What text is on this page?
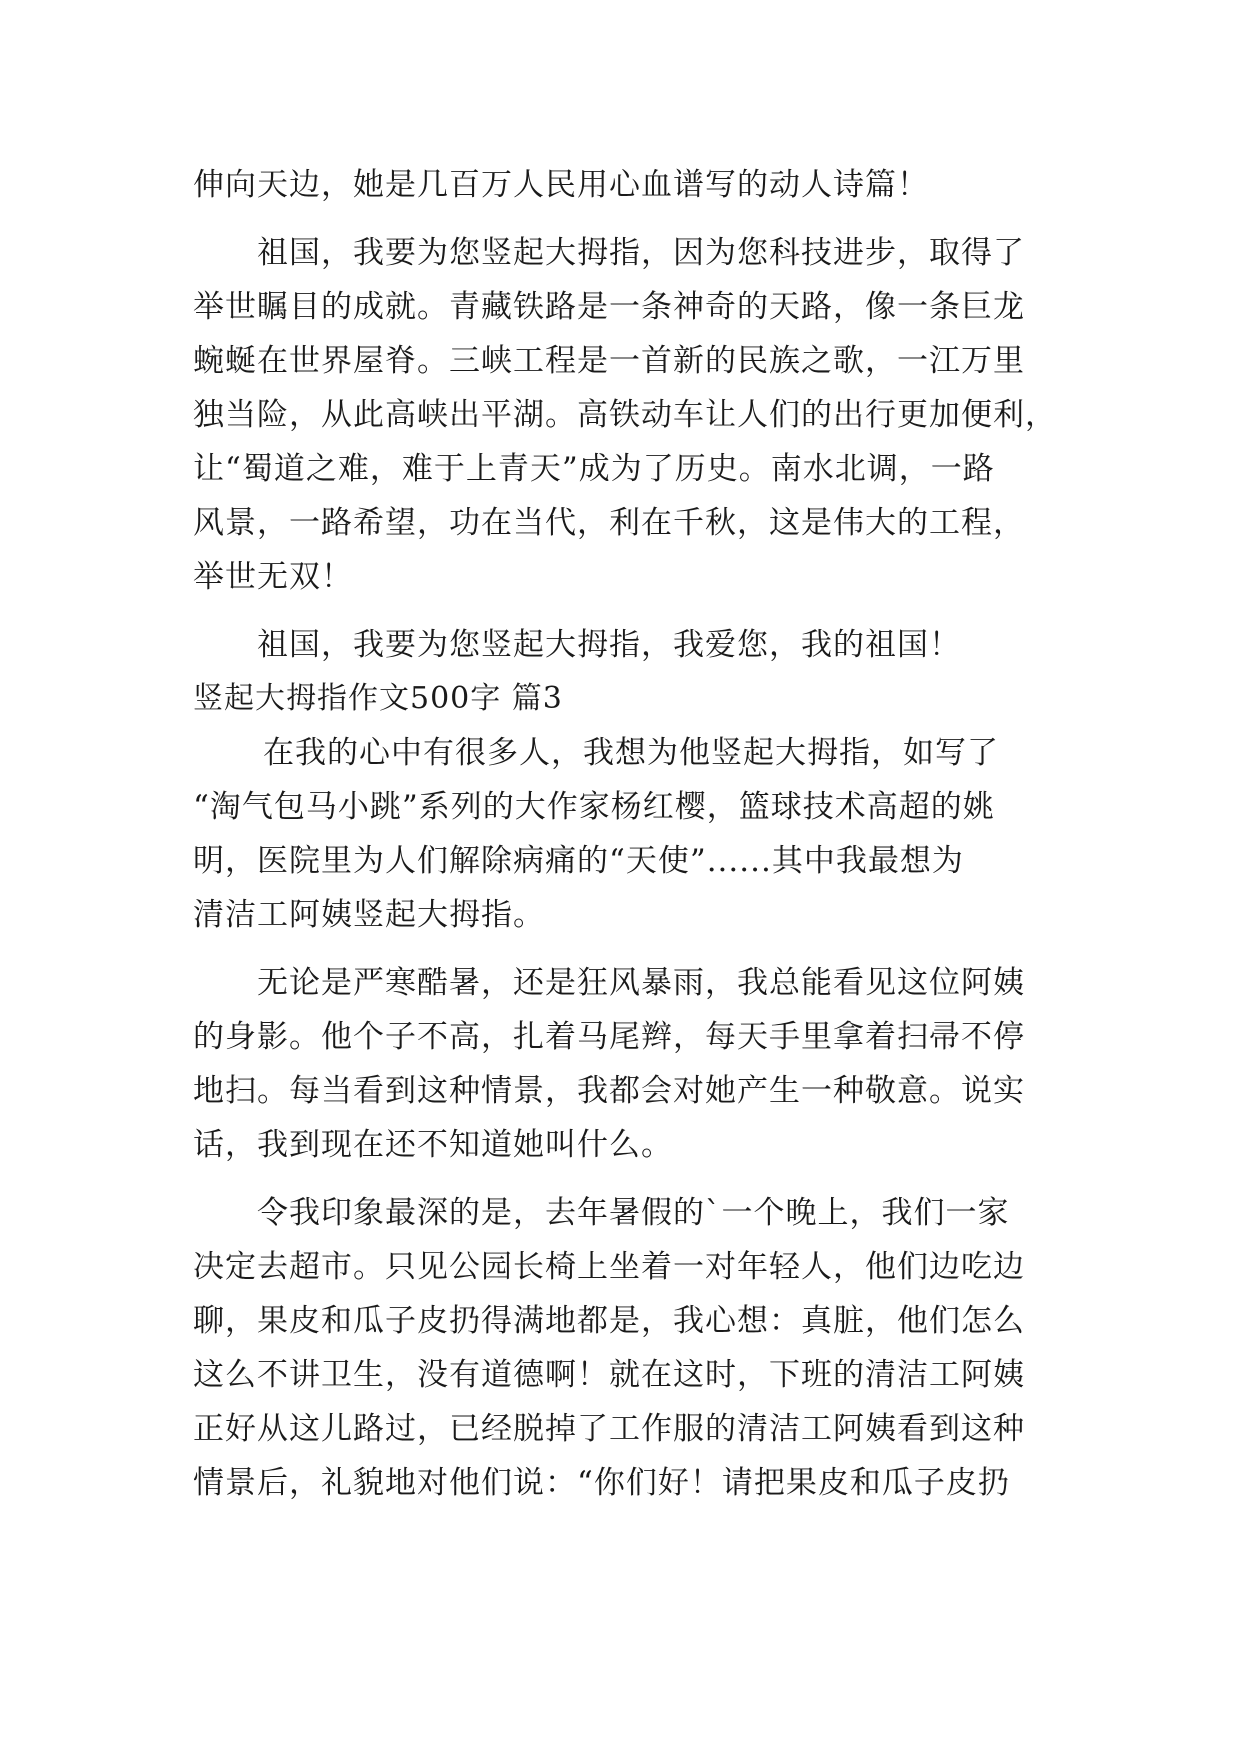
伸向天边，她是几百万人民用心血谱写的动人诗篇！

祖国，我要为您竖起大拇指，因为您科技进步，取得了

举世瞩目的成就。青藏铁路是一条神奇的天路，像一条巨龙

蜿蜒在世界屋脊。三峡工程是一首新的民族之歌，一江万里

独当险，从此高峡出平湖。高铁动车让人们的出行更加便利，

让“蜀道之难，难于上青天”成为了历史。南水北调，一路

风景，一路希望，功在当代，利在千秋，这是伟大的工程，

举世无双！

祖国，我要为您竖起大拇指，我爱您，我的祖国！

竖起大拇指作文500字 篇3

在我的心中有很多人，我想为他竖起大拇指，如写了

“淘气包马小跳”系列的大作家杨红樱，篮球技术高超的姚

明，医院里为人们解除病痛的“天使”......其中我最想为

清洁工阿姨竖起大拇指。

无论是严寒酷暑，还是狂风暴雨，我总能看见这位阿姨

的身影。他个子不高，扎着马尾辫，每天手里拿着扫帚不停

地扫。每当看到这种情景，我都会对她产生一种敬意。说实

话，我到现在还不知道她叫什么。

令我印象最深的是，去年暑假的`一个晚上，我们一家

决定去超市。只见公园长椅上坐着一对年轻人，他们边吃边

聊，果皮和瓜子皮扔得满地都是，我心想：真脏，他们怎么

这么不讲卫生，没有道德啊！就在这时，下班的清洁工阿姨

正好从这儿路过，已经脱掉了工作服的清洁工阿姨看到这种

情景后，礼貌地对他们说：“你们好！请把果皮和瓜子皮扔
